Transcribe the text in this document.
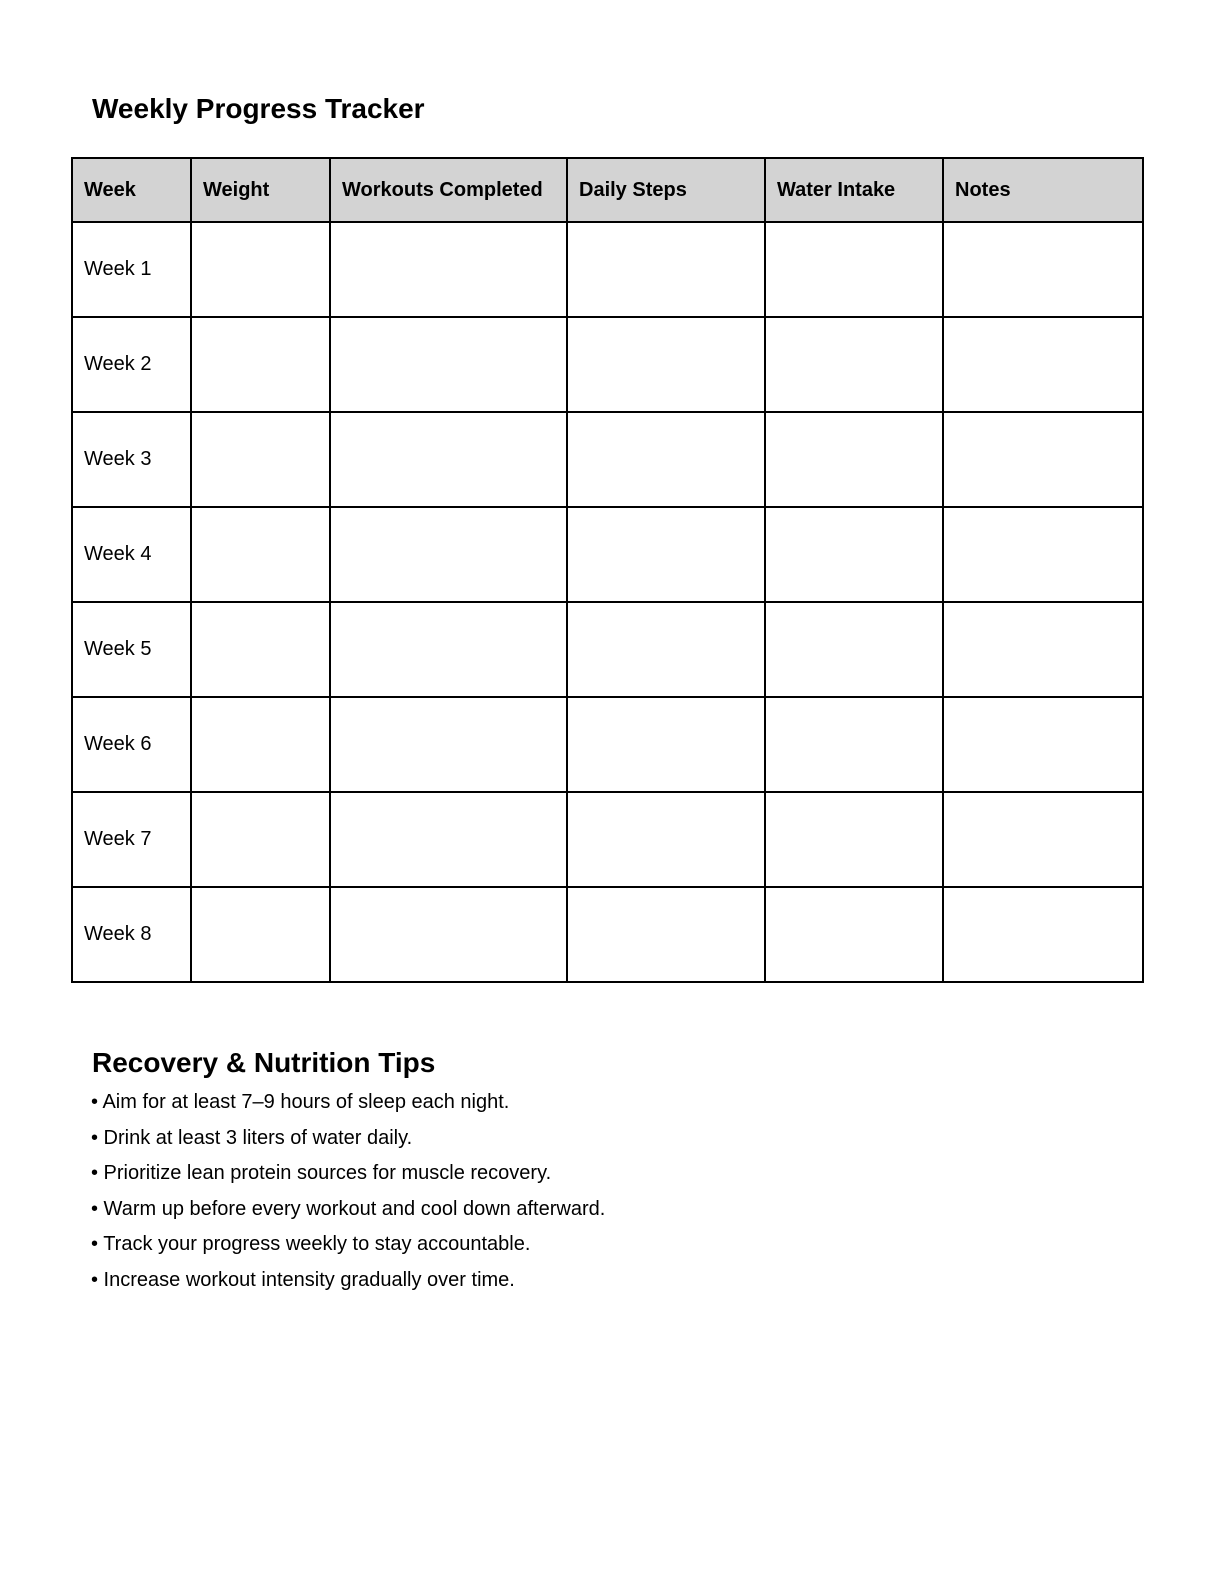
Weekly Progress Tracker
Week	Weight	Workouts Completed	Daily Steps	Water Intake	Notes
Week 1					
Week 2					
Week 3					
Week 4					
Week 5					
Week 6					
Week 7					
Week 8					
Recovery & Nutrition Tips
• Aim for at least 7–9 hours of sleep each night.
• Drink at least 3 liters of water daily.
• Prioritize lean protein sources for muscle recovery.
• Warm up before every workout and cool down afterward.
• Track your progress weekly to stay accountable.
• Increase workout intensity gradually over time.
